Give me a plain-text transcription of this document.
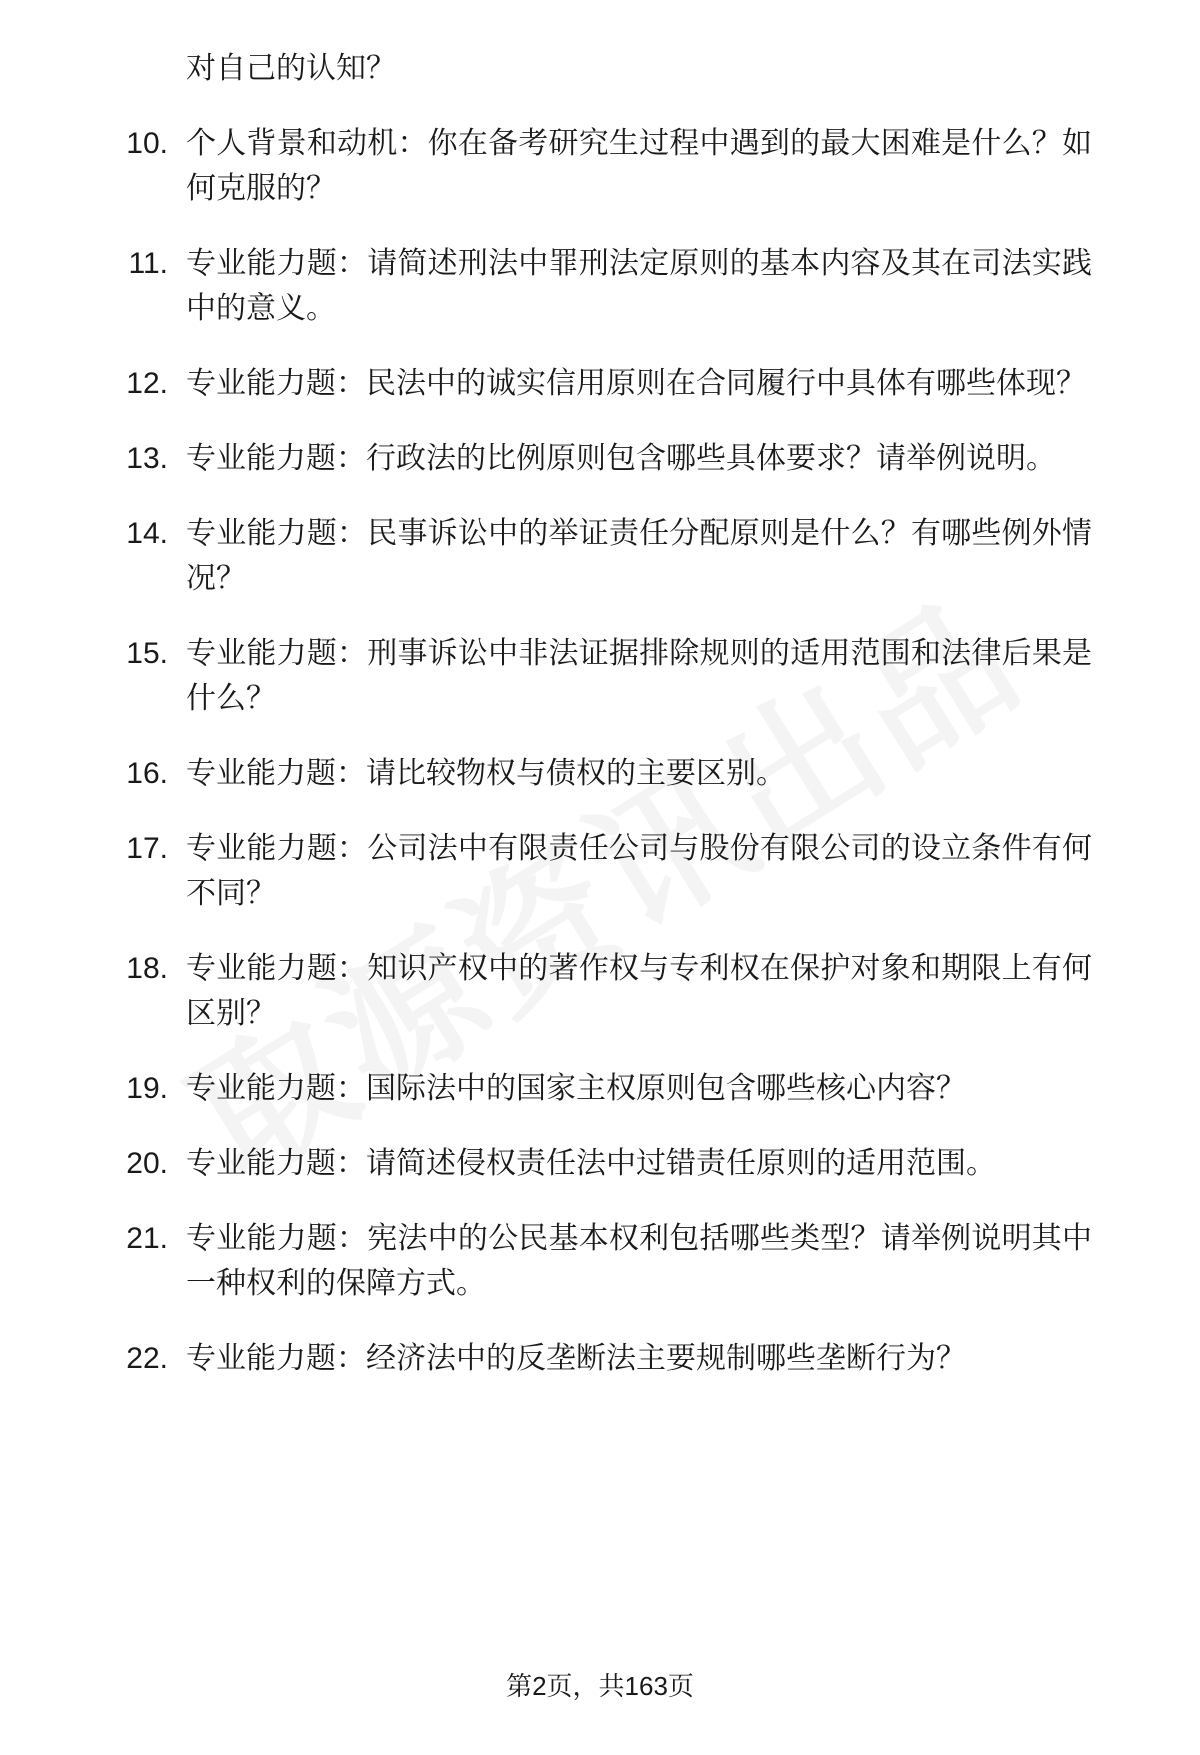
对自己的认知？

10. 个人背景和动机：你在备考研究生过程中遇到的最大困难是什么？如何克服的？
11. 专业能力题：请简述刑法中罪刑法定原则的基本内容及其在司法实践中的意义。
12. 专业能力题：民法中的诚实信用原则在合同履行中具体有哪些体现？
13. 专业能力题：行政法的比例原则包含哪些具体要求？请举例说明。
14. 专业能力题：民事诉讼中的举证责任分配原则是什么？有哪些例外情况？
15. 专业能力题：刑事诉讼中非法证据排除规则的适用范围和法律后果是什么？
16. 专业能力题：请比较物权与债权的主要区别。
17. 专业能力题：公司法中有限责任公司与股份有限公司的设立条件有何不同？
18. 专业能力题：知识产权中的著作权与专利权在保护对象和期限上有何区别？
19. 专业能力题：国际法中的国家主权原则包含哪些核心内容？
20. 专业能力题：请简述侵权责任法中过错责任原则的适用范围。
21. 专业能力题：宪法中的公民基本权利包括哪些类型？请举例说明其中一种权利的保障方式。
22. 专业能力题：经济法中的反垄断法主要规制哪些垄断行为？
第2页，共163页
